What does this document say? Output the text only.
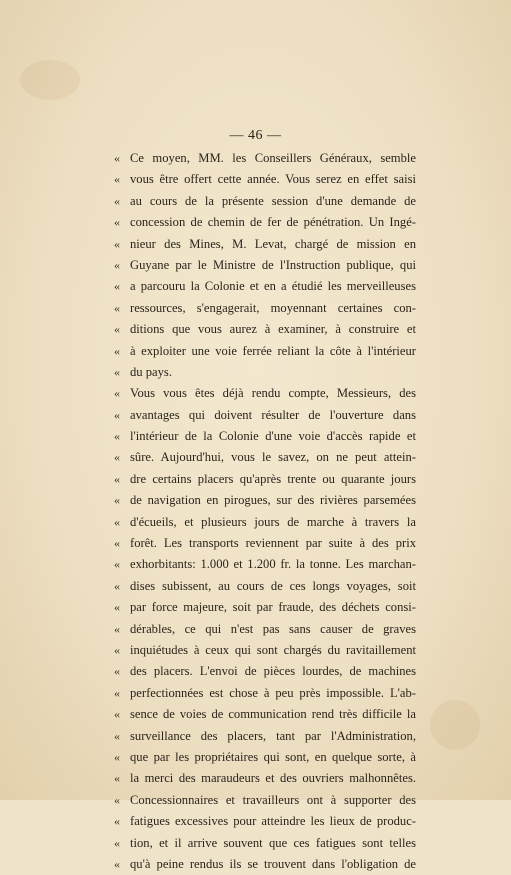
— 46 —
« Ce moyen, MM. les Conseillers Généraux, semble
« vous être offert cette année. Vous serez en effet saisi
« au cours de la présente session d'une demande de
« concession de chemin de fer de pénétration. Un Ingé-
« nieur des Mines, M. Levat, chargé de mission en
« Guyane par le Ministre de l'Instruction publique, qui
« a parcouru la Colonie et en a étudié les merveilleuses
« ressources, s'engagerait, moyennant certaines con-
« ditions que vous aurez à examiner, à construire et
« à exploiter une voie ferrée reliant la côte à l'intérieur
« du pays.
« Vous vous êtes déjà rendu compte, Messieurs, des
« avantages qui doivent résulter de l'ouverture dans
« l'intérieur de la Colonie d'une voie d'accès rapide et
« sûre. Aujourd'hui, vous le savez, on ne peut attein-
« dre certains placers qu'après trente ou quarante jours
« de navigation en pirogues, sur des rivières parsemées
« d'écueils, et plusieurs jours de marche à travers la
« forêt. Les transports reviennent par suite à des prix
« exhorbitants: 1.000 et 1.200 fr. la tonne. Les marchan-
« dises subissent, au cours de ces longs voyages, soit
« par force majeure, soit par fraude, des déchets consi-
« dérables, ce qui n'est pas sans causer de graves
« inquiétudes à ceux qui sont chargés du ravitaillement
« des placers. L'envoi de pièces lourdes, de machines
« perfectionnées est chose à peu près impossible. L'ab-
« sence de voies de communication rend très difficile la
« surveillance des placers, tant par l'Administration,
« que par les propriétaires qui sont, en quelque sorte, à
« la merci des maraudeurs et des ouvriers malhonnêtes.
« Concessionnaires et travailleurs ont à supporter des
« fatigues excessives pour atteindre les lieux de produc-
« tion, et il arrive souvent que ces fatigues sont telles
« qu'à peine rendus ils se trouvent dans l'obligation de
